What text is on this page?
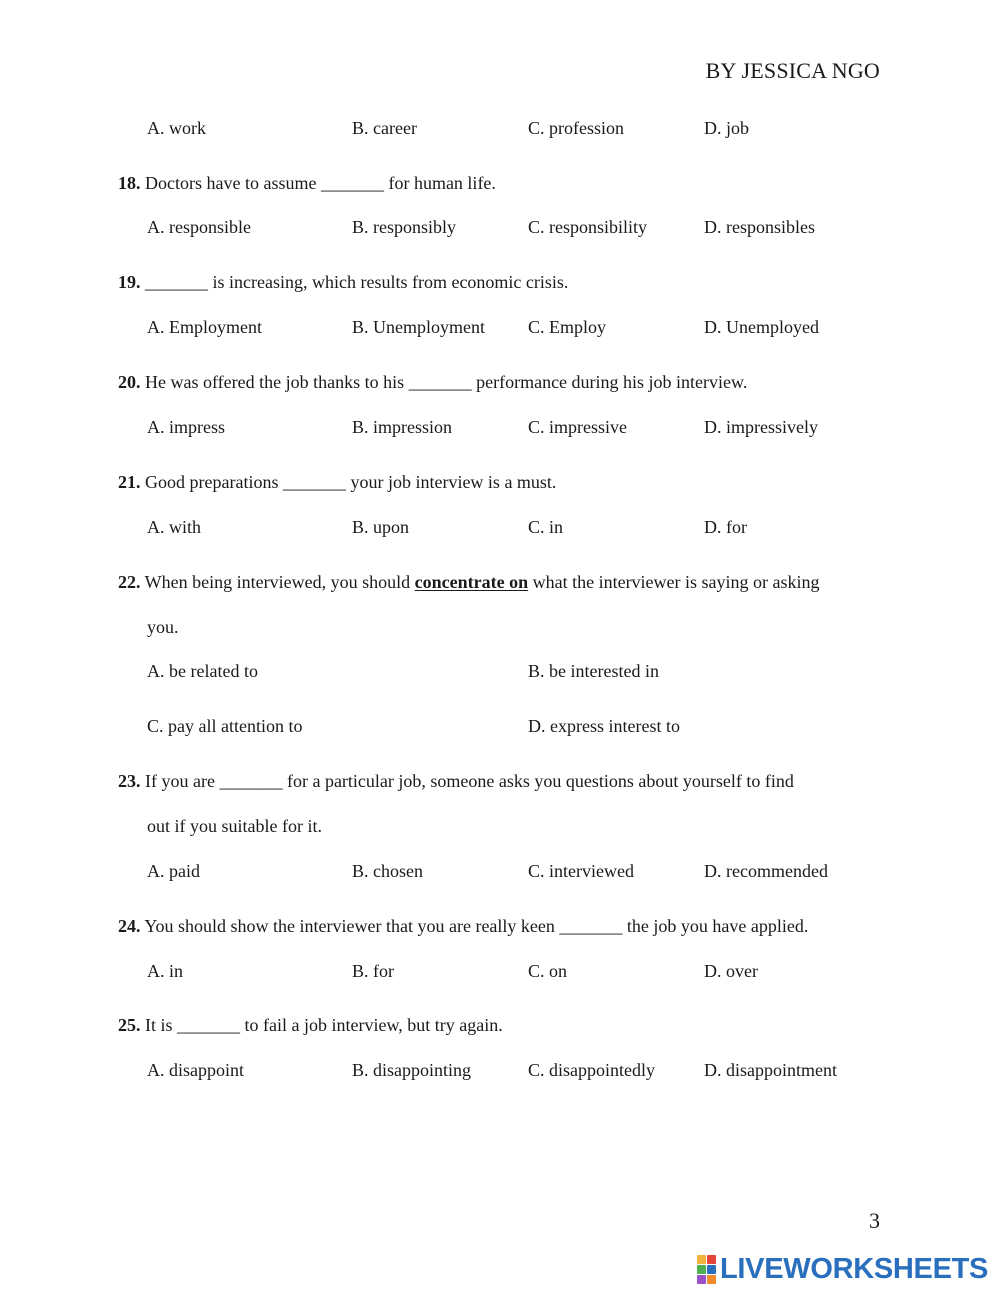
BY JESSICA NGO
A. work	B. career	C. profession	D. job
18. Doctors have to assume _______ for human life.
A. responsible	B. responsibly	C. responsibility	D. responsibles
19. _______ is increasing, which results from economic crisis.
A. Employment	B. Unemployment C. Employ	D. Unemployed
20. He was offered the job thanks to his _______ performance during his job interview.
A. impress	B. impression	C. impressive	D. impressively
21. Good preparations _______ your job interview is a must.
A. with	B. upon	C. in	D. for
22. When being interviewed, you should concentrate on what the interviewer is saying or asking
you.
A. be related to	B. be interested in
C. pay all attention to	D. express interest to
23. If you are _______ for a particular job, someone asks you questions about yourself to find
out if you suitable for it.
A. paid	B. chosen	C. interviewed	D. recommended
24. You should show the interviewer that you are really keen _______ the job you have applied.
A. in	B. for	C. on	D. over
25. It is _______ to fail a job interview, but try again.
A. disappoint	B. disappointing	C. disappointedly	D. disappointment
3
LIVEWORKSHEETS
